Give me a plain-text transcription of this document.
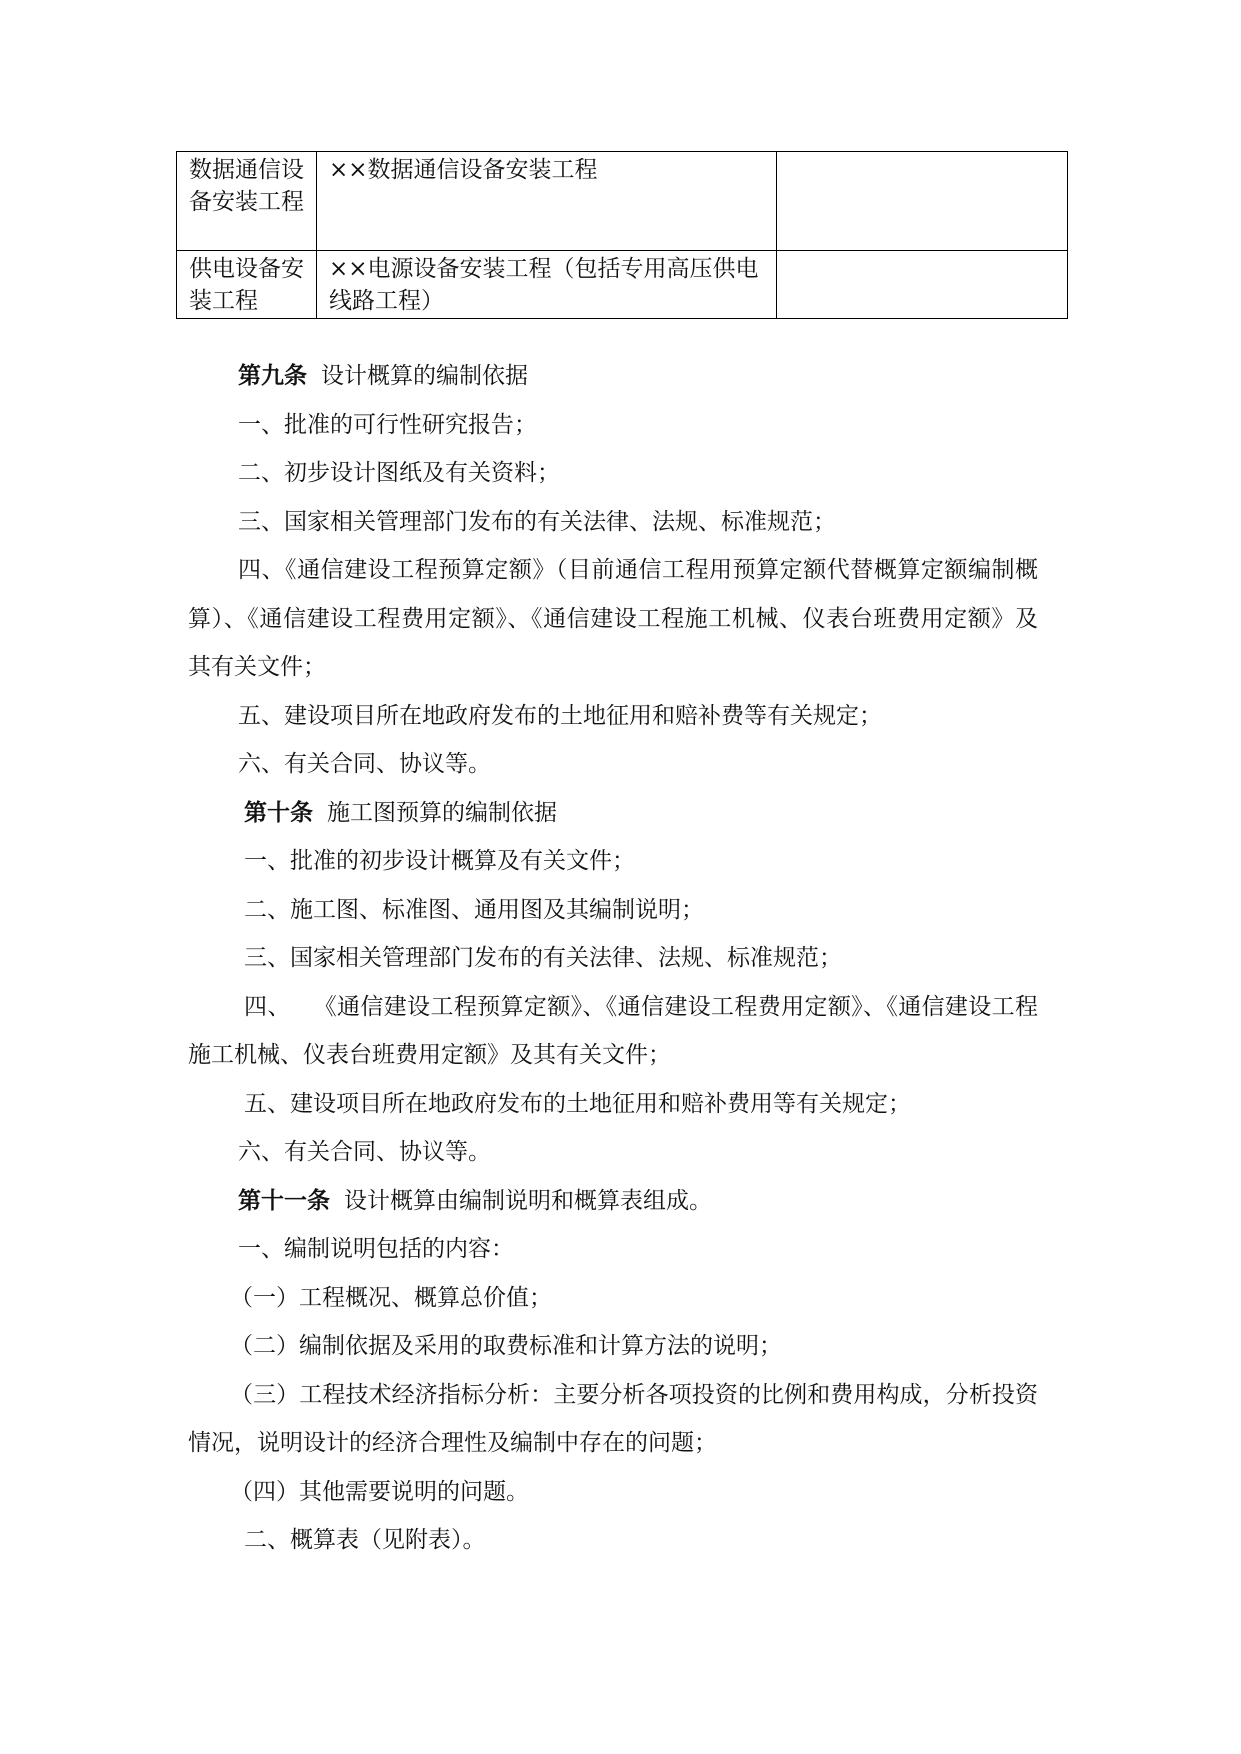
数据通信设备安装工程	××数据通信设备安装工程	
供电设备安装工程	××电源设备安装工程（包括专用高压供电线路工程）	

第九条 设计概算的编制依据

一、批准的可行性研究报告；

二、初步设计图纸及有关资料；

三、国家相关管理部门发布的有关法律、法规、标准规范；

四、《通信建设工程预算定额》（目前通信工程用预算定额代替概算定额编制概算）、《通信建设工程费用定额》、《通信建设工程施工机械、仪表台班费用定额》及其有关文件；

五、建设项目所在地政府发布的土地征用和赔补费等有关规定；

六、有关合同、协议等。

第十条 施工图预算的编制依据

一、批准的初步设计概算及有关文件；

二、施工图、标准图、通用图及其编制说明；

三、国家相关管理部门发布的有关法律、法规、标准规范；

四、   《通信建设工程预算定额》、《通信建设工程费用定额》、《通信建设工程施工机械、仪表台班费用定额》及其有关文件；

五、建设项目所在地政府发布的土地征用和赔补费用等有关规定；

六、有关合同、协议等。

第十一条 设计概算由编制说明和概算表组成。

一、编制说明包括的内容：

（一）工程概况、概算总价值；

（二）编制依据及采用的取费标准和计算方法的说明；

（三）工程技术经济指标分析：主要分析各项投资的比例和费用构成，分析投资情况，说明设计的经济合理性及编制中存在的问题；

（四）其他需要说明的问题。

二、概算表（见附表）。
